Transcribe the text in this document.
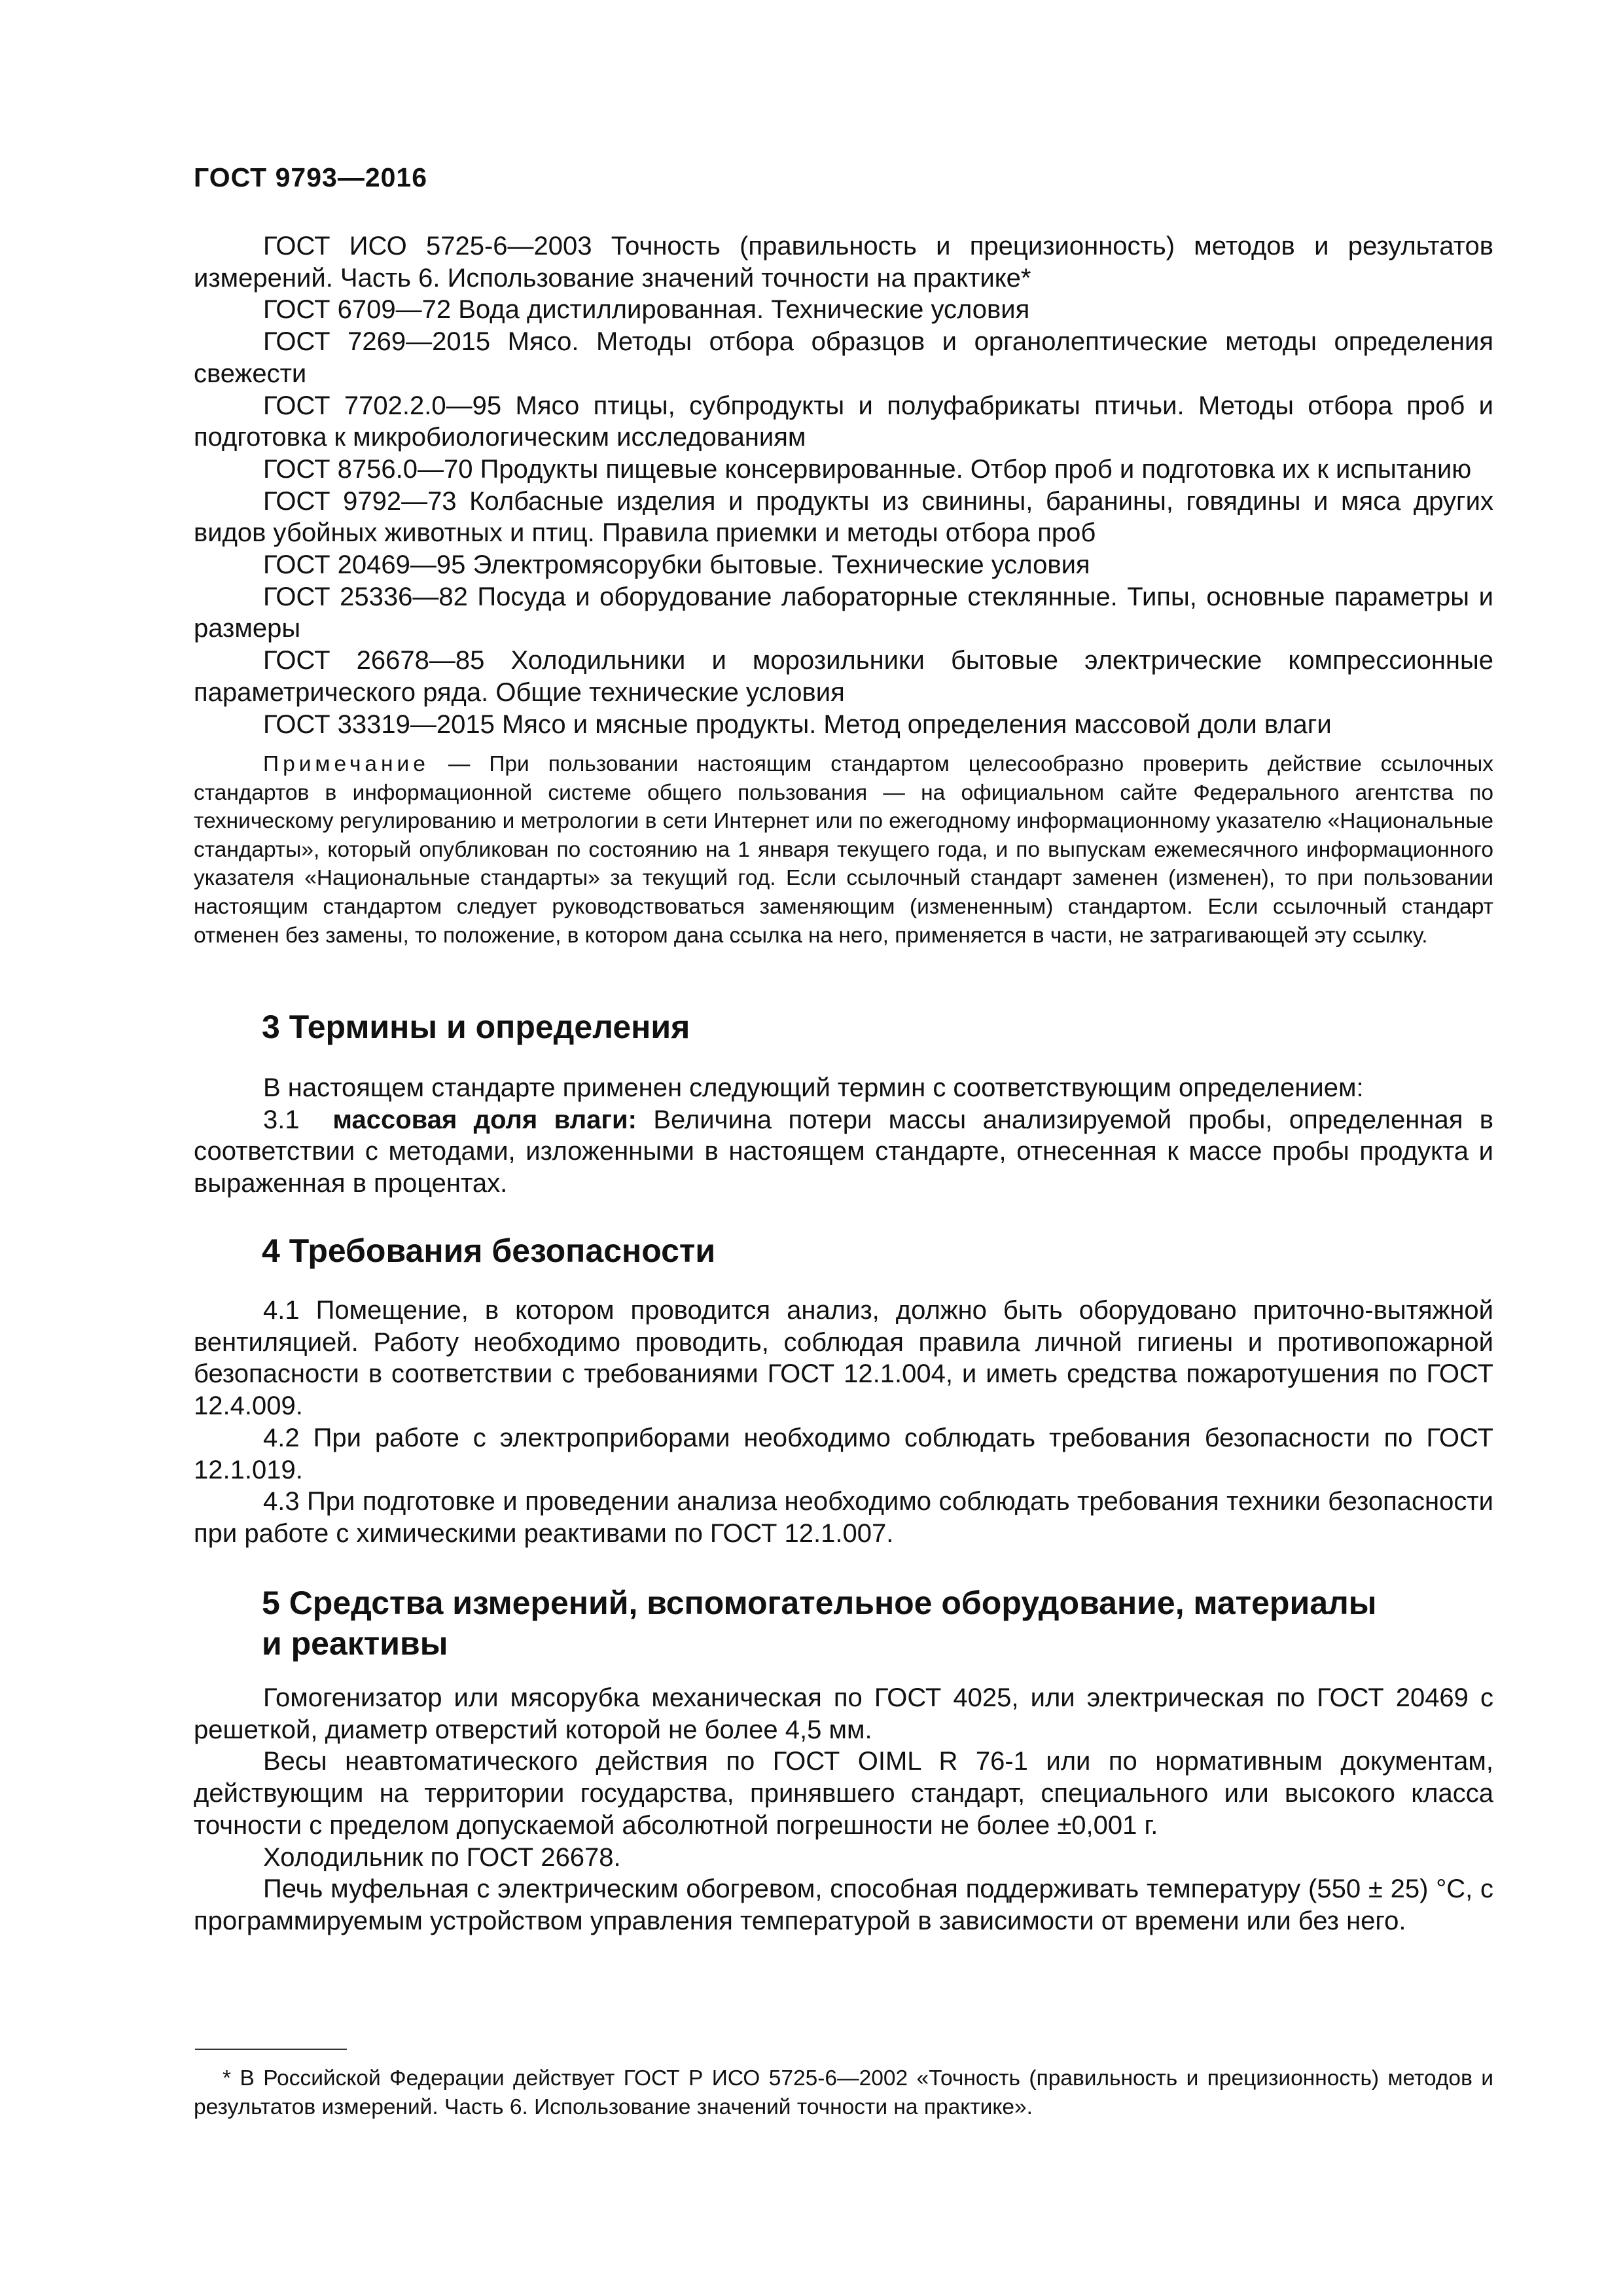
ГОСТ 9793—2016

ГОСТ ИСО 5725-6—2003 Точность (правильность и прецизионность) методов и результатов измерений. Часть 6. Использование значений точности на практике*

ГОСТ 6709—72 Вода дистиллированная. Технические условия

ГОСТ 7269—2015 Мясо. Методы отбора образцов и органолептические методы определения свежести

ГОСТ 7702.2.0—95 Мясо птицы, субпродукты и полуфабрикаты птичьи. Методы отбора проб и подготовка к микробиологическим исследованиям

ГОСТ 8756.0—70 Продукты пищевые консервированные. Отбор проб и подготовка их к испытанию

ГОСТ 9792—73 Колбасные изделия и продукты из свинины, баранины, говядины и мяса других видов убойных животных и птиц. Правила приемки и методы отбора проб

ГОСТ 20469—95 Электромясорубки бытовые. Технические условия

ГОСТ 25336—82 Посуда и оборудование лабораторные стеклянные. Типы, основные параметры и размеры

ГОСТ 26678—85 Холодильники и морозильники бытовые электрические компрессионные параметрического ряда. Общие технические условия

ГОСТ 33319—2015 Мясо и мясные продукты. Метод определения массовой доли влаги

Примечание — При пользовании настоящим стандартом целесообразно проверить действие ссылочных стандартов в информационной системе общего пользования — на официальном сайте Федерального агентства по техническому регулированию и метрологии в сети Интернет или по ежегодному информационному указателю «Национальные стандарты», который опубликован по состоянию на 1 января текущего года, и по выпускам ежемесячного информационного указателя «Национальные стандарты» за текущий год. Если ссылочный стандарт заменен (изменен), то при пользовании настоящим стандартом следует руководствоваться заменяющим (измененным) стандартом. Если ссылочный стандарт отменен без замены, то положение, в котором дана ссылка на него, применяется в части, не затрагивающей эту ссылку.

3 Термины и определения

В настоящем стандарте применен следующий термин с соответствующим определением:

3.1 массовая доля влаги: Величина потери массы анализируемой пробы, определенная в соответствии с методами, изложенными в настоящем стандарте, отнесенная к массе пробы продукта и выраженная в процентах.

4 Требования безопасности

4.1 Помещение, в котором проводится анализ, должно быть оборудовано приточно-вытяжной вентиляцией. Работу необходимо проводить, соблюдая правила личной гигиены и противопожарной безопасности в соответствии с требованиями ГОСТ 12.1.004, и иметь средства пожаротушения по ГОСТ 12.4.009.

4.2 При работе с электроприборами необходимо соблюдать требования безопасности по ГОСТ 12.1.019.

4.3 При подготовке и проведении анализа необходимо соблюдать требования техники безопасности при работе с химическими реактивами по ГОСТ 12.1.007.

5 Средства измерений, вспомогательное оборудование, материалы
и реактивы

Гомогенизатор или мясорубка механическая по ГОСТ 4025, или электрическая по ГОСТ 20469 с решеткой, диаметр отверстий которой не более 4,5 мм.

Весы неавтоматического действия по ГОСТ OIML R 76-1 или по нормативным документам, действующим на территории государства, принявшего стандарт, специального или высокого класса точности с пределом допускаемой абсолютной погрешности не более ±0,001 г.

Холодильник по ГОСТ 26678.

Печь муфельная с электрическим обогревом, способная поддерживать температуру (550 ± 25) °С, с программируемым устройством управления температурой в зависимости от времени или без него.

* В Российской Федерации действует ГОСТ Р ИСО 5725-6—2002 «Точность (правильность и прецизионность) методов и результатов измерений. Часть 6. Использование значений точности на практике».
